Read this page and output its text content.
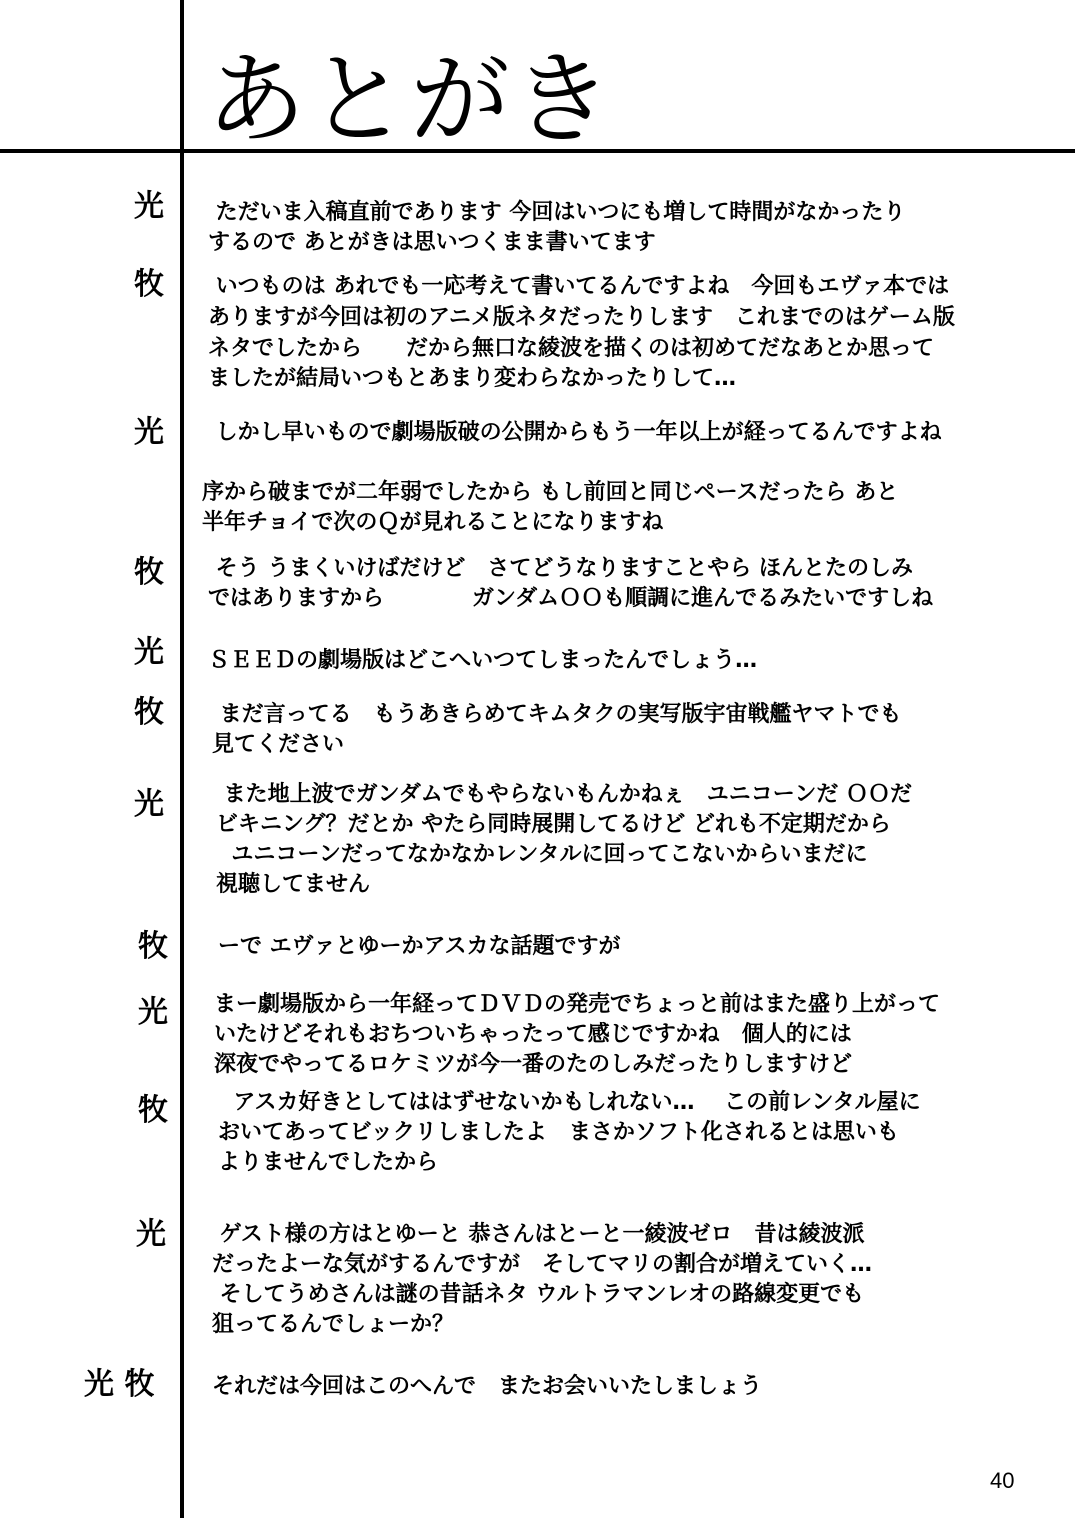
あとがき
光 ただいま入稿直前であります 今回はいつにも増して時間がなかったり
するので あとがきは思いつくまま書いてます
牧 いつものは あれでも一応考えて書いてるんですよね　今回もエヴァ本では
ありますが今回は初のアニメ版ネタだったりします　これまでのはゲーム版
ネタでしたから　　だから無口な綾波を描くのは初めてだなあとか思って
ましたが結局いつもとあまり変わらなかったりして…
光 しかし早いもので劇場版破の公開からもう一年以上が経ってるんですよね
序から破までが二年弱でしたから もし前回と同じペースだったら あと
半年チョイで次のＱが見れることになりますね
牧 そう うまくいけばだけど　さてどうなりますことやら ほんとたのしみ
ではありますから　　　　ガンダムＯＯも順調に進んでるみたいですしね
光 ＳＥＥＤの劇場版はどこへいつてしまったんでしょう…
牧 まだ言ってる　もうあきらめてキムタクの実写版宇宙戦艦ヤマトでも
見てください
光 また地上波でガンダムでもやらないもんかねぇ　ユニコーンだ ＯＯだ
ビキニング？だとか やたら同時展開してるけど どれも不定期だから
ユニコーンだってなかなかレンタルに回ってこないからいまだに
視聴してません
牧 ーで エヴァとゆーかアスカな話題ですが
光 まー劇場版から一年経ってＤＶＤの発売でちょっと前はまた盛り上がって
いたけどそれもおちついちゃったって感じですかね　個人的には
深夜でやってるロケミツが今一番のたのしみだったりしますけど
牧 アスカ好きとしてははずせないかもしれない…　 この前レンタル屋に
おいてあってビックリしましたよ　まさかソフト化されるとは思いも
よりませんでしたから
光 ゲスト様の方はとゆーと 恭さんはとーと一綾波ゼロ　昔は綾波派
だったよーな気がするんですが　そしてマリの割合が増えていく…
そしてうめさんは謎の昔話ネタ ウルトラマンレオの路線変更でも
狙ってるんでしょーか？
光 牧	それだは今回はこのへんで　またお会いいたしましょう
40
